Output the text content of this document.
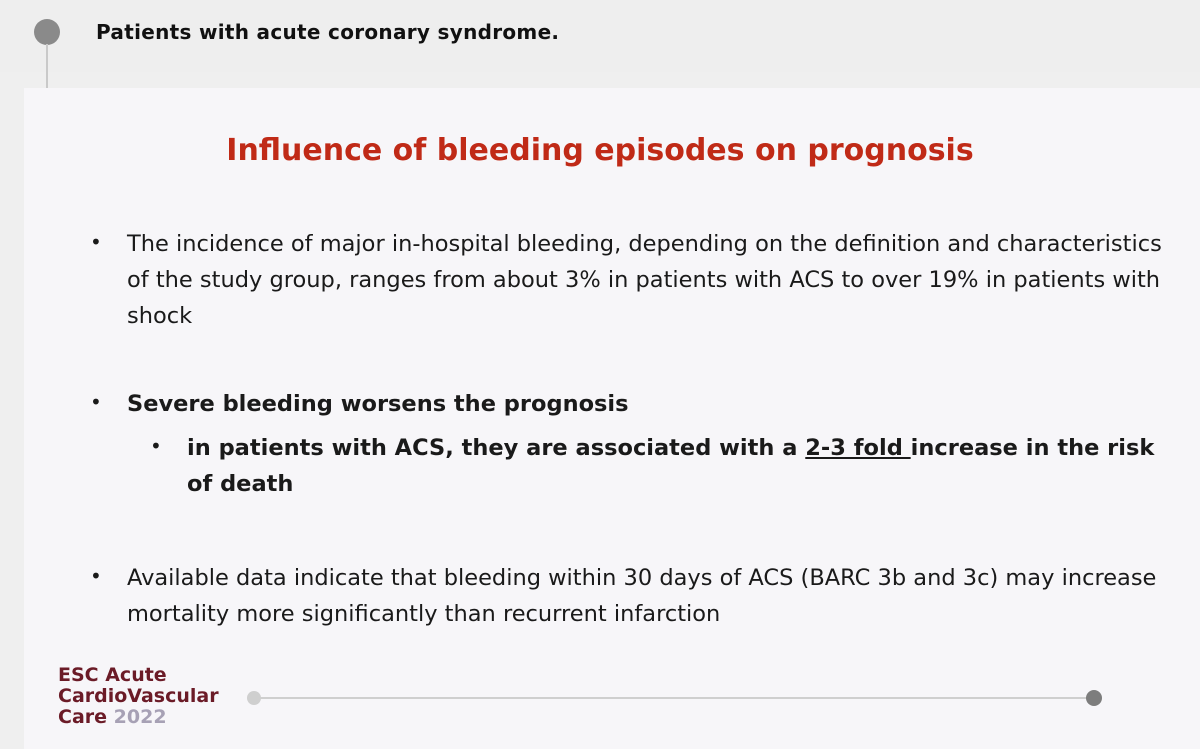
Patients with acute coronary syndrome.
Influence of bleeding episodes on prognosis
• The incidence of major in-hospital bleeding, depending on the definition and characteristics of the study group, ranges from about 3% in patients with ACS to over 19% in patients with shock
• Severe bleeding worsens the prognosis
• in patients with ACS, they are associated with a 2-3 fold increase in the risk of death
• Available data indicate that bleeding within 30 days of ACS (BARC 3b and 3c) may increase mortality more significantly than recurrent infarction
ESC Acute
CardioVascular
Care 2022
